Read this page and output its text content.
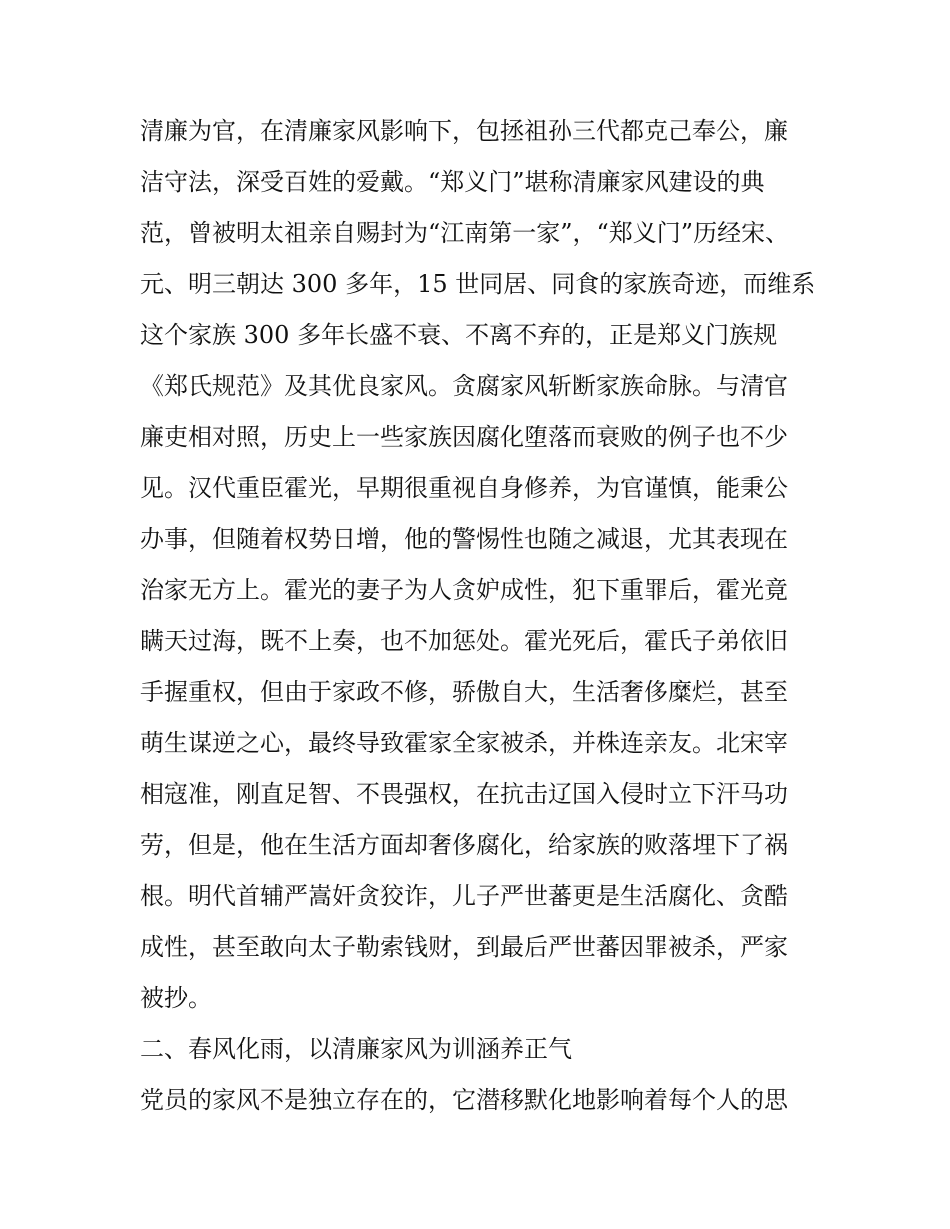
清廉为官，在清廉家风影响下，包拯祖孙三代都克己奉公，廉
洁守法，深受百姓的爱戴。“郑义门”堪称清廉家风建设的典
范，曾被明太祖亲自赐封为“江南第一家”，“郑义门”历经宋、
元、明三朝达 300 多年，15 世同居、同食的家族奇迹，而维系
这个家族 300 多年长盛不衰、不离不弃的，正是郑义门族规
《郑氏规范》及其优良家风。贪腐家风斩断家族命脉。与清官
廉吏相对照，历史上一些家族因腐化堕落而衰败的例子也不少
见。汉代重臣霍光，早期很重视自身修养，为官谨慎，能秉公
办事，但随着权势日增，他的警惕性也随之减退，尤其表现在
治家无方上。霍光的妻子为人贪妒成性，犯下重罪后，霍光竟
瞒天过海，既不上奏，也不加惩处。霍光死后，霍氏子弟依旧
手握重权，但由于家政不修，骄傲自大，生活奢侈糜烂，甚至
萌生谋逆之心，最终导致霍家全家被杀，并株连亲友。北宋宰
相寇准，刚直足智、不畏强权，在抗击辽国入侵时立下汗马功
劳，但是，他在生活方面却奢侈腐化，给家族的败落埋下了祸
根。明代首辅严嵩奸贪狡诈，儿子严世蕃更是生活腐化、贪酷
成性，甚至敢向太子勒索钱财，到最后严世蕃因罪被杀，严家
被抄。
二、春风化雨，以清廉家风为训涵养正气
党员的家风不是独立存在的，它潜移默化地影响着每个人的思
